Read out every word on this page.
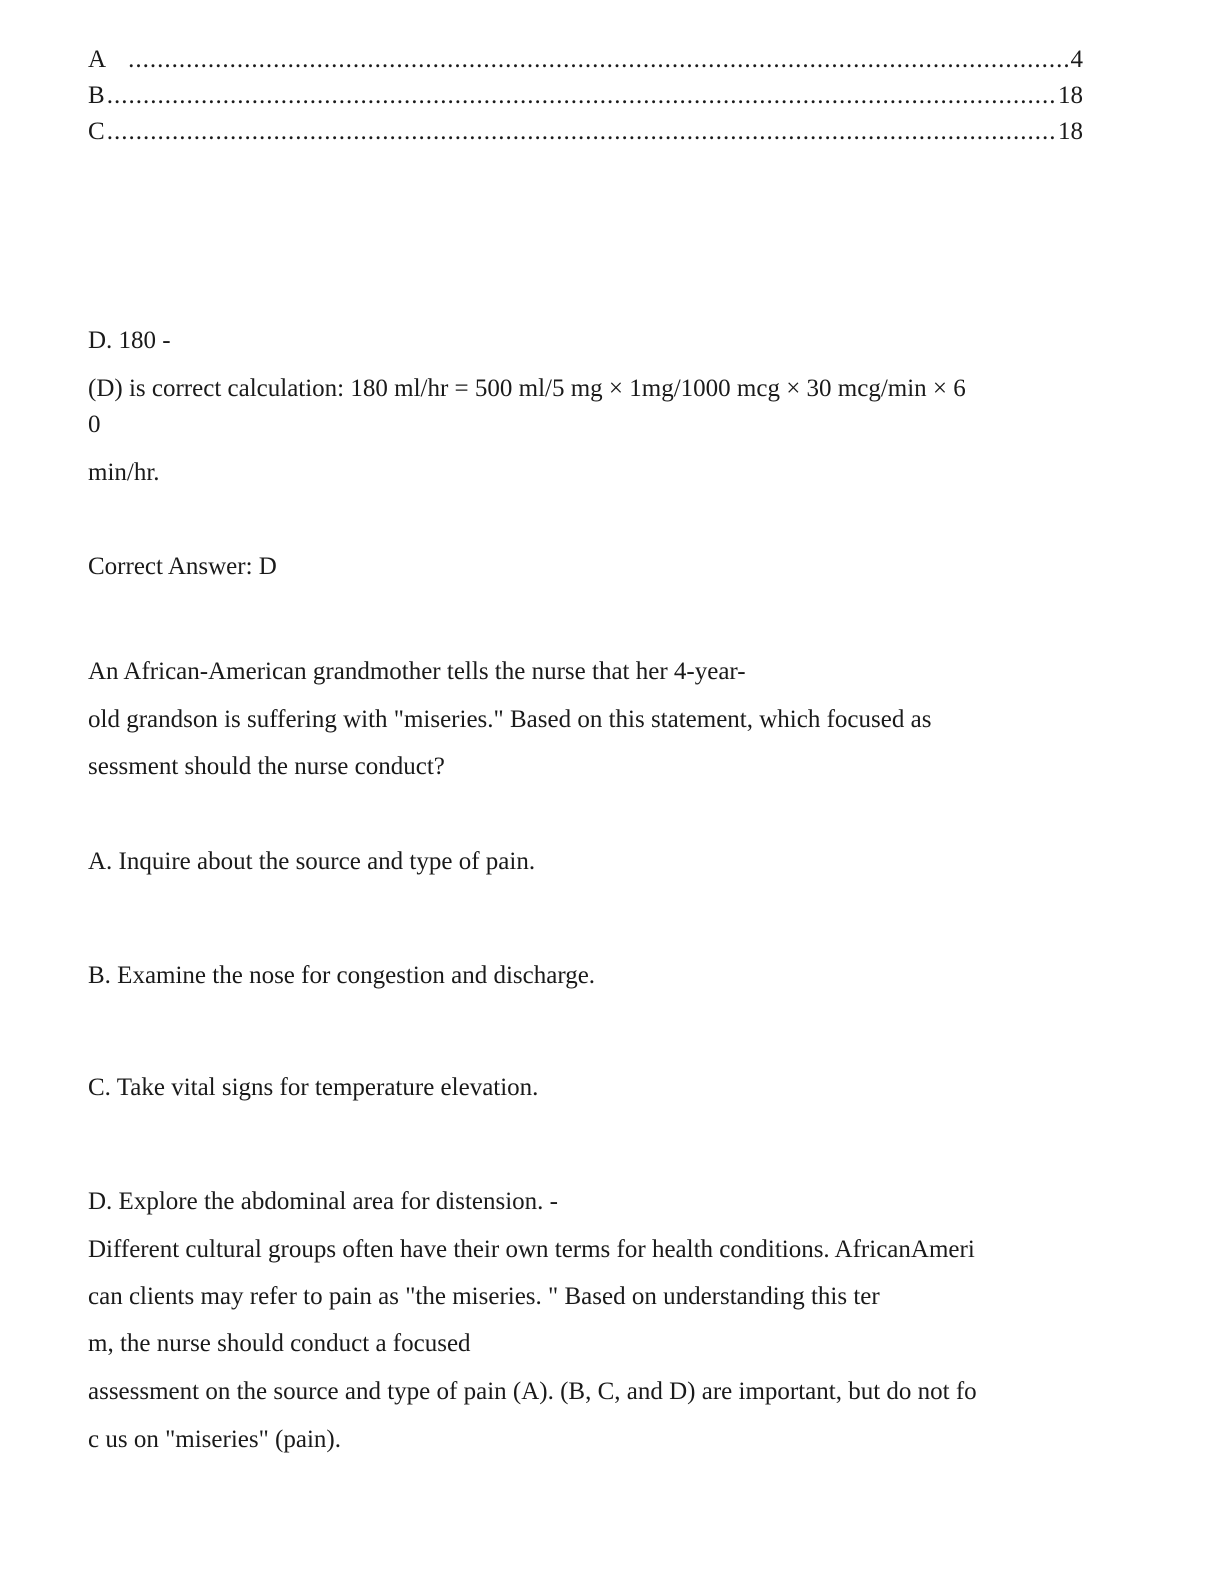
A .....	4
B .....	18
C .....	18
D. 180 -
(D) is correct calculation: 180 ml/hr = 500 ml/5 mg × 1mg/1000 mcg × 30 mcg/min × 6
0
min/hr.
Correct Answer: D
An African-American grandmother tells the nurse that her 4-year-
old grandson is suffering with "miseries." Based on this statement, which focused as
sessment should the nurse conduct?
A. Inquire about the source and type of pain.
B. Examine the nose for congestion and discharge.
C. Take vital signs for temperature elevation.
D. Explore the abdominal area for distension. -
Different cultural groups often have their own terms for health conditions. AfricanAmeri
can clients may refer to pain as "the miseries. " Based on understanding this ter
m, the nurse should conduct a focused
assessment on the source and type of pain (A). (B, C, and D) are important, but do not fo
c us on "miseries" (pain).
